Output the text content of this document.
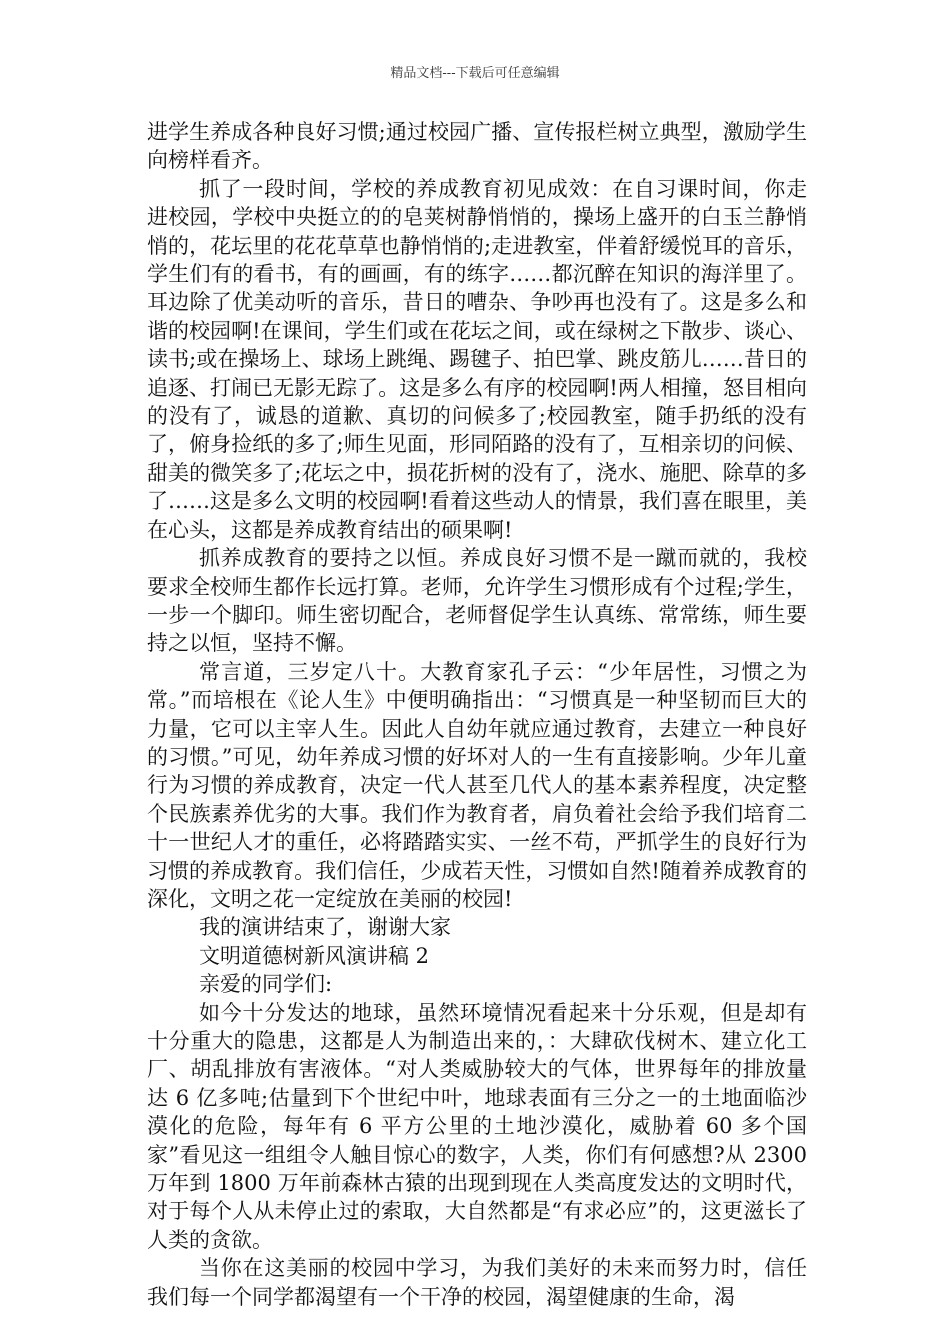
精品文档---下载后可任意编辑

进学生养成各种良好习惯;通过校园广播、宣传报栏树立典型，激励学生向榜样看齐。

抓了一段时间，学校的养成教育初见成效：在自习课时间，你走进校园，学校中央挺立的的皂荚树静悄悄的，操场上盛开的白玉兰静悄悄的，花坛里的花花草草也静悄悄的;走进教室，伴着舒缓悦耳的音乐，学生们有的看书，有的画画，有的练字……都沉醉在知识的海洋里了。耳边除了优美动听的音乐，昔日的嘈杂、争吵再也没有了。这是多么和谐的校园啊!在课间，学生们或在花坛之间，或在绿树之下散步、谈心、读书;或在操场上、球场上跳绳、踢毽子、拍巴掌、跳皮筋儿……昔日的追逐、打闹已无影无踪了。这是多么有序的校园啊!两人相撞，怒目相向的没有了，诚恳的道歉、真切的问候多了;校园教室，随手扔纸的没有了，俯身捡纸的多了;师生见面，形同陌路的没有了，互相亲切的问候、甜美的微笑多了;花坛之中，损花折树的没有了，浇水、施肥、除草的多了……这是多么文明的校园啊!看着这些动人的情景，我们喜在眼里，美在心头，这都是养成教育结出的硕果啊!

抓养成教育的要持之以恒。养成良好习惯不是一蹴而就的，我校要求全校师生都作长远打算。老师，允许学生习惯形成有个过程;学生，一步一个脚印。师生密切配合，老师督促学生认真练、常常练，师生要持之以恒，坚持不懈。

常言道，三岁定八十。大教育家孔子云：“少年居性，习惯之为常。”而培根在《论人生》中便明确指出：“习惯真是一种坚韧而巨大的力量，它可以主宰人生。因此人自幼年就应通过教育，去建立一种良好的习惯。”可见，幼年养成习惯的好坏对人的一生有直接影响。少年儿童行为习惯的养成教育，决定一代人甚至几代人的基本素养程度，决定整个民族素养优劣的大事。我们作为教育者，肩负着社会给予我们培育二十一世纪人才的重任，必将踏踏实实、一丝不苟，严抓学生的良好行为习惯的养成教育。我们信任，少成若天性，习惯如自然!随着养成教育的深化，文明之花一定绽放在美丽的校园!

我的演讲结束了，谢谢大家

文明道德树新风演讲稿 2

亲爱的同学们:

如今十分发达的地球，虽然环境情况看起来十分乐观，但是却有十分重大的隐患，这都是人为制造出来的，：大肆砍伐树木、建立化工厂、胡乱排放有害液体。“对人类威胁较大的气体，世界每年的排放量达 6 亿多吨;估量到下个世纪中叶，地球表面有三分之一的土地面临沙漠化的危险，每年有 6 平方公里的土地沙漠化，威胁着 60 多个国家”看见这一组组令人触目惊心的数字，人类，你们有何感想?从 2300 万年到 1800 万年前森林古猿的出现到现在人类高度发达的文明时代，对于每个人从未停止过的索取，大自然都是“有求必应”的，这更滋长了人类的贪欲。

当你在这美丽的校园中学习，为我们美好的未来而努力时，信任我们每一个同学都渴望有一个干净的校园，渴望健康的生命，渴
